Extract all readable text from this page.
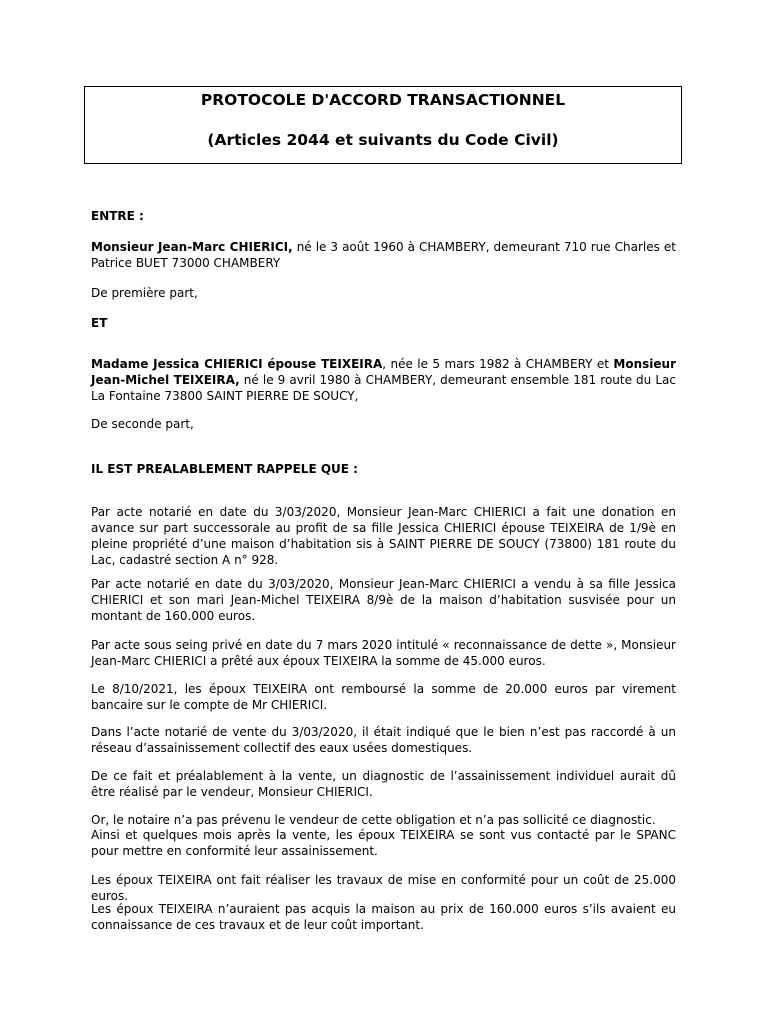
PROTOCOLE D'ACCORD TRANSACTIONNEL
(Articles 2044 et suivants du Code Civil)

ENTRE :

Monsieur Jean-Marc CHIERICI, né le 3 août 1960 à CHAMBERY, demeurant 710 rue Charles et Patrice BUET 73000 CHAMBERY

De première part,

ET

Madame Jessica CHIERICI épouse TEIXEIRA, née le 5 mars 1982 à CHAMBERY et Monsieur Jean-Michel TEIXEIRA, né le 9 avril 1980 à CHAMBERY, demeurant ensemble 181 route du Lac La Fontaine 73800 SAINT PIERRE DE SOUCY,

De seconde part,

IL EST PREALABLEMENT RAPPELE QUE :

Par acte notarié en date du 3/03/2020, Monsieur Jean-Marc CHIERICI a fait une donation en avance sur part successorale au profit de sa fille Jessica CHIERICI épouse TEIXEIRA de 1/9è en pleine propriété d’une maison d’habitation sis à SAINT PIERRE DE SOUCY (73800) 181 route du Lac, cadastré section A n° 928.

Par acte notarié en date du 3/03/2020, Monsieur Jean-Marc CHIERICI a vendu à sa fille Jessica CHIERICI et son mari Jean-Michel TEIXEIRA 8/9è de la maison d’habitation susvisée pour un montant de 160.000 euros.

Par acte sous seing privé en date du 7 mars 2020 intitulé « reconnaissance de dette », Monsieur Jean-Marc CHIERICI a prêté aux époux TEIXEIRA la somme de 45.000 euros.

Le 8/10/2021, les époux TEIXEIRA ont remboursé la somme de 20.000 euros par virement bancaire sur le compte de Mr CHIERICI.

Dans l’acte notarié de vente du 3/03/2020, il était indiqué que le bien n’est pas raccordé à un réseau d’assainissement collectif des eaux usées domestiques.

De ce fait et préalablement à la vente, un diagnostic de l’assainissement individuel aurait dû être réalisé par le vendeur, Monsieur CHIERICI.

Or, le notaire n’a pas prévenu le vendeur de cette obligation et n’a pas sollicité ce diagnostic.

Ainsi et quelques mois après la vente, les époux TEIXEIRA se sont vus contacté par le SPANC pour mettre en conformité leur assainissement.

Les époux TEIXEIRA ont fait réaliser les travaux de mise en conformité pour un coût de 25.000 euros.

Les époux TEIXEIRA n’auraient pas acquis la maison au prix de 160.000 euros s’ils avaient eu connaissance de ces travaux et de leur coût important.
